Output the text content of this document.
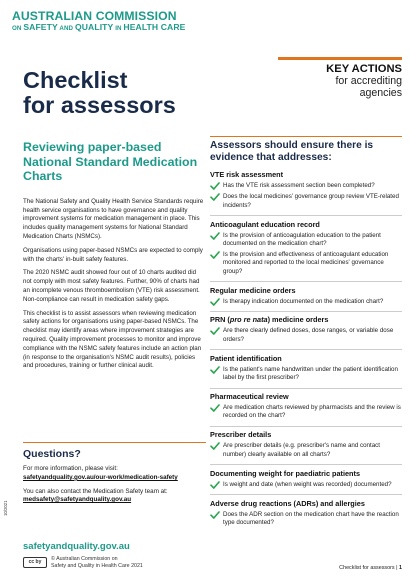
AUSTRALIAN COMMISSION
ON SAFETY AND QUALITY IN HEALTH CARE
KEY ACTIONS
for accrediting
agencies
Checklist
for assessors
Reviewing paper-based National Standard Medication Charts

The National Safety and Quality Health Service Standards require health service organisations to have governance and quality improvement systems for medication management in place. This includes quality management systems for National Standard Medication Charts (NSMCs).

Organisations using paper-based NSMCs are expected to comply with the charts' in-built safety features.

The 2020 NSMC audit showed four out of 10 charts audited did not comply with most safety features. Further, 90% of charts had an incomplete venous thromboembolism (VTE) risk assessment. Non-compliance can result in medication safety gaps.

This checklist is to assist assessors when reviewing medication safety actions for organisations using paper-based NSMCs. The checklist may identify areas where improvement strategies are required. Quality improvement processes to monitor and improve compliance with the NSMC safety features include an action plan (in response to the organisation's NSMC audit results), policies and procedures, training or further clinical audit.

Questions?
For more information, please visit:
safetyandquality.gov.au/our-work/medication-safety
You can also contact the Medication Safety team at:
medsafety@safetyandquality.gov.au
safetyandquality.gov.au
cc by	© Australian Commission on
Safety and Quality in Health Care 2021
10/2021
Assessors should ensure there is evidence that addresses:
VTE risk assessment
Has the VTE risk assessment section been completed?
Does the local medicines' governance group review VTE-related incidents?
Anticoagulant education record
Is the provision of anticoagulation education to the patient documented on the medication chart?
Is the provision and effectiveness of anticoagulant education monitored and reported to the local medicines' governance group?
Regular medicine orders
Is therapy indication documented on the medication chart?
PRN (pro re nata) medicine orders
Are there clearly defined doses, dose ranges, or variable dose orders?
Patient identification
Is the patient's name handwritten under the patient identification label by the first prescriber?
Pharmaceutical review
Are medication charts reviewed by pharmacists and the review is recorded on the chart?
Prescriber details
Are prescriber details (e.g. prescriber's name and contact number) clearly available on all charts?
Documenting weight for paediatric patients
Is weight and date (when weight was recorded) documented?
Adverse drug reactions (ADRs) and allergies
Does the ADR section on the medication chart have the reaction type documented?
Checklist for assessors | 1
